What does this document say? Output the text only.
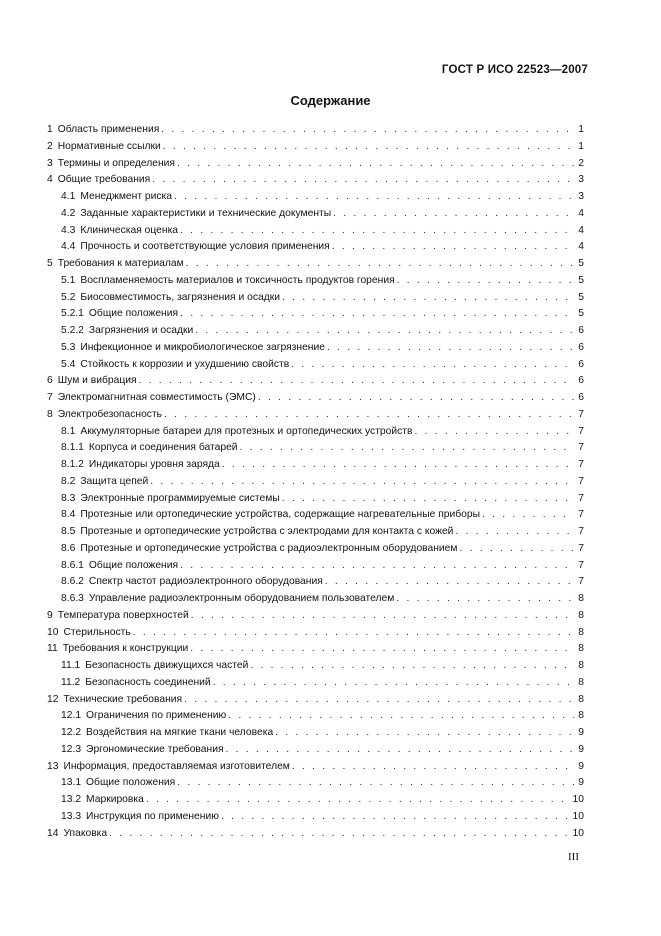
ГОСТ Р ИСО 22523—2007
Содержание
1 Область применения . . .	1
2 Нормативные ссылки . . .	1
3 Термины и определения . . .	2
4 Общие требования . . .	3
4.1 Менеджмент риска . . .	3
4.2 Заданные характеристики и технические документы . . .	4
4.3 Клиническая оценка . . .	4
4.4 Прочность и соответствующие условия применения . . .	4
5 Требования к материалам . . .	5
5.1 Воспламеняемость материалов и токсичность продуктов горения . . .	5
5.2 Биосовместимость, загрязнения и осадки . . .	5
5.2.1 Общие положения . . .	5
5.2.2 Загрязнения и осадки . . .	6
5.3 Инфекционное и микробиологическое загрязнение . . .	6
5.4 Стойкость к коррозии и ухудшению свойств . . .	6
6 Шум и вибрация . . .	6
7 Электромагнитная совместимость (ЭМС) . . .	6
8 Электробезопасность . . .	7
8.1 Аккумуляторные батареи для протезных и ортопедических устройств . . .	7
8.1.1 Корпуса и соединения батарей . . .	7
8.1.2 Индикаторы уровня заряда . . .	7
8.2 Защита цепей . . .	7
8.3 Электронные программируемые системы . . .	7
8.4 Протезные или ортопедические устройства, содержащие нагревательные приборы . . .	7
8.5 Протезные и ортопедические устройства с электродами для контакта с кожей . . .	7
8.6 Протезные и ортопедические устройства с радиоэлектронным оборудованием . . .	7
8.6.1 Общие положения . . .	7
8.6.2 Спектр частот радиоэлектронного оборудования . . .	7
8.6.3 Управление радиоэлектронным оборудованием пользователем . . .	8
9 Температура поверхностей . . .	8
10 Стерильность . . .	8
11 Требования к конструкции . . .	8
11.1 Безопасность движущихся частей . . .	8
11.2 Безопасность соединений . . .	8
12 Технические требования . . .	8
12.1 Ограничения по применению . . .	8
12.2 Воздействия на мягкие ткани человека . . .	9
12.3 Эргономические требования . . .	9
13 Информация, предоставляемая изготовителем . . .	9
13.1 Общие положения . . .	9
13.2 Маркировка . . .	10
13.3 Инструкция по применению . . .	10
14 Упаковка . . .	10
III
